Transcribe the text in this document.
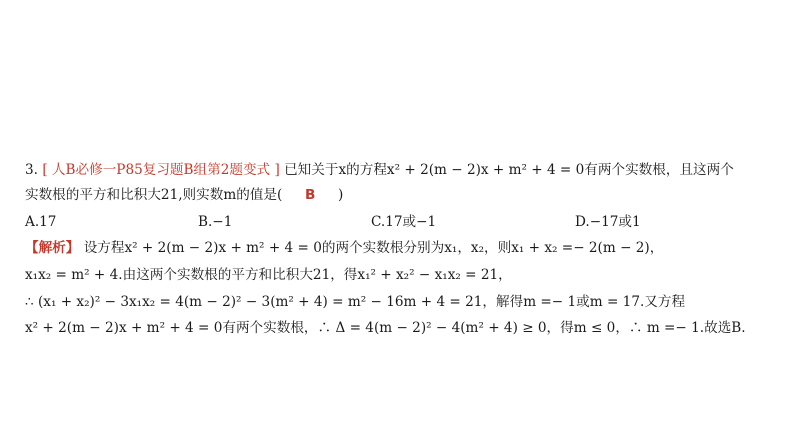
3. [ 人B必修一P85复习题B组第2题变式 ] 已知关于x的方程x² + 2(m − 2)x + m² + 4 = 0有两个实数根，且这两个
实数根的平方和比积大21,则实数m的值是( B )
A.17	B.−1	C.17或−1	D.−17或1
【解析】 设方程x² + 2(m − 2)x + m² + 4 = 0的两个实数根分别为x₁，x₂，则x₁ + x₂ =− 2(m − 2)，
x₁x₂ = m² + 4.由这两个实数根的平方和比积大21，得x₁² + x₂² − x₁x₂ = 21，
∴ (x₁ + x₂)² − 3x₁x₂ = 4(m − 2)² − 3(m² + 4) = m² − 16m + 4 = 21，解得m =− 1或m = 17.又方程
x² + 2(m − 2)x + m² + 4 = 0有两个实数根，∴ Δ = 4(m − 2)² − 4(m² + 4) ≥ 0，得m ≤ 0，∴ m =− 1.故选B.
